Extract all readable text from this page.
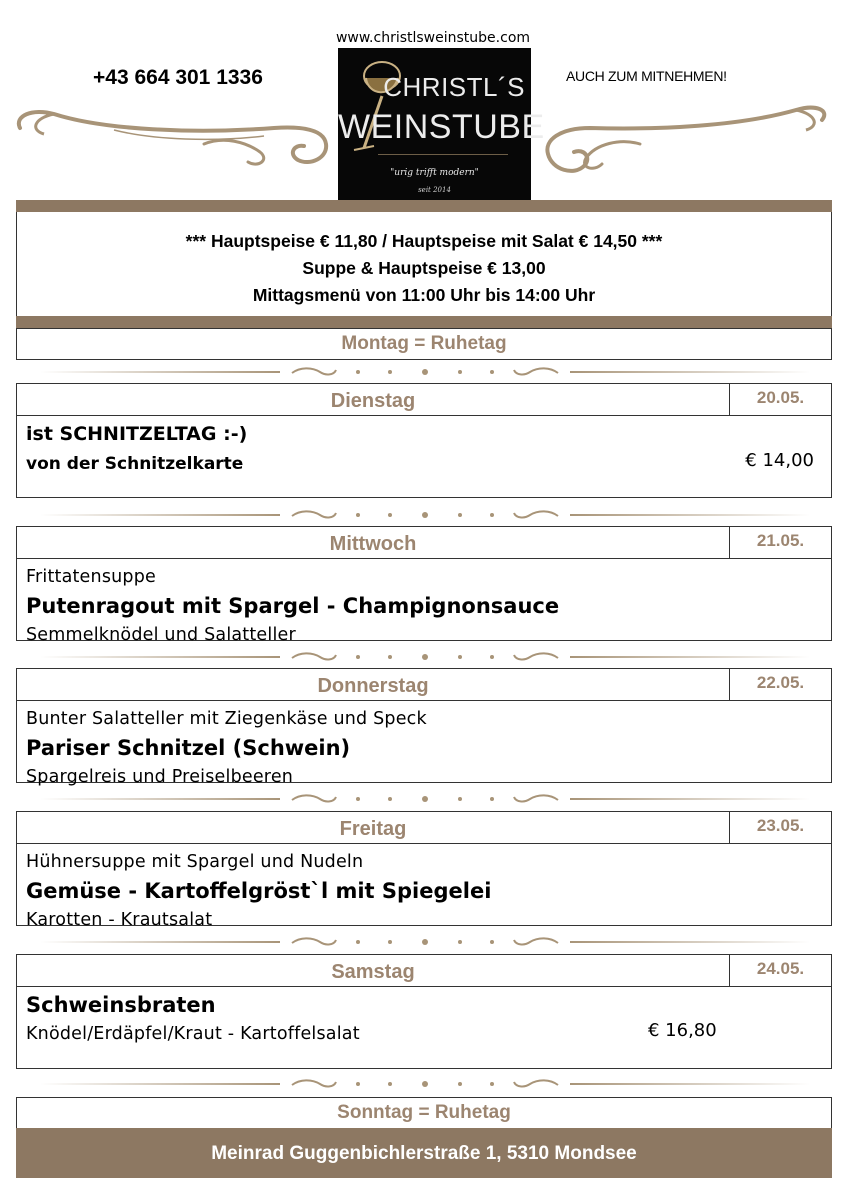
www.christlsweinstube.com
+43 664 301 1336	AUCH ZUM MITNEHMEN!
CHRISTL´S
WEINSTUBE
"urig trifft modern"
seit 2014
*** Hauptspeise € 11,80 / Hauptspeise mit Salat € 14,50 ***
Suppe & Hauptspeise € 13,00
Mittagsmenü von 11:00 Uhr bis 14:00 Uhr
Montag = Ruhetag
Dienstag	20.05.
ist SCHNITZELTAG :-)
von der Schnitzelkarte	€ 14,00
Mittwoch	21.05.
Frittatensuppe
Putenragout mit Spargel - Champignonsauce
Semmelknödel und Salatteller
Donnerstag	22.05.
Bunter Salatteller mit Ziegenkäse und Speck
Pariser Schnitzel (Schwein)
Spargelreis und Preiselbeeren
Freitag	23.05.
Hühnersuppe mit Spargel und Nudeln
Gemüse - Kartoffelgröst`l mit Spiegelei
Karotten - Krautsalat
Samstag	24.05.
Schweinsbraten
Knödel/Erdäpfel/Kraut - Kartoffelsalat	€ 16,80
Sonntag = Ruhetag
Meinrad Guggenbichlerstraße 1, 5310 Mondsee
